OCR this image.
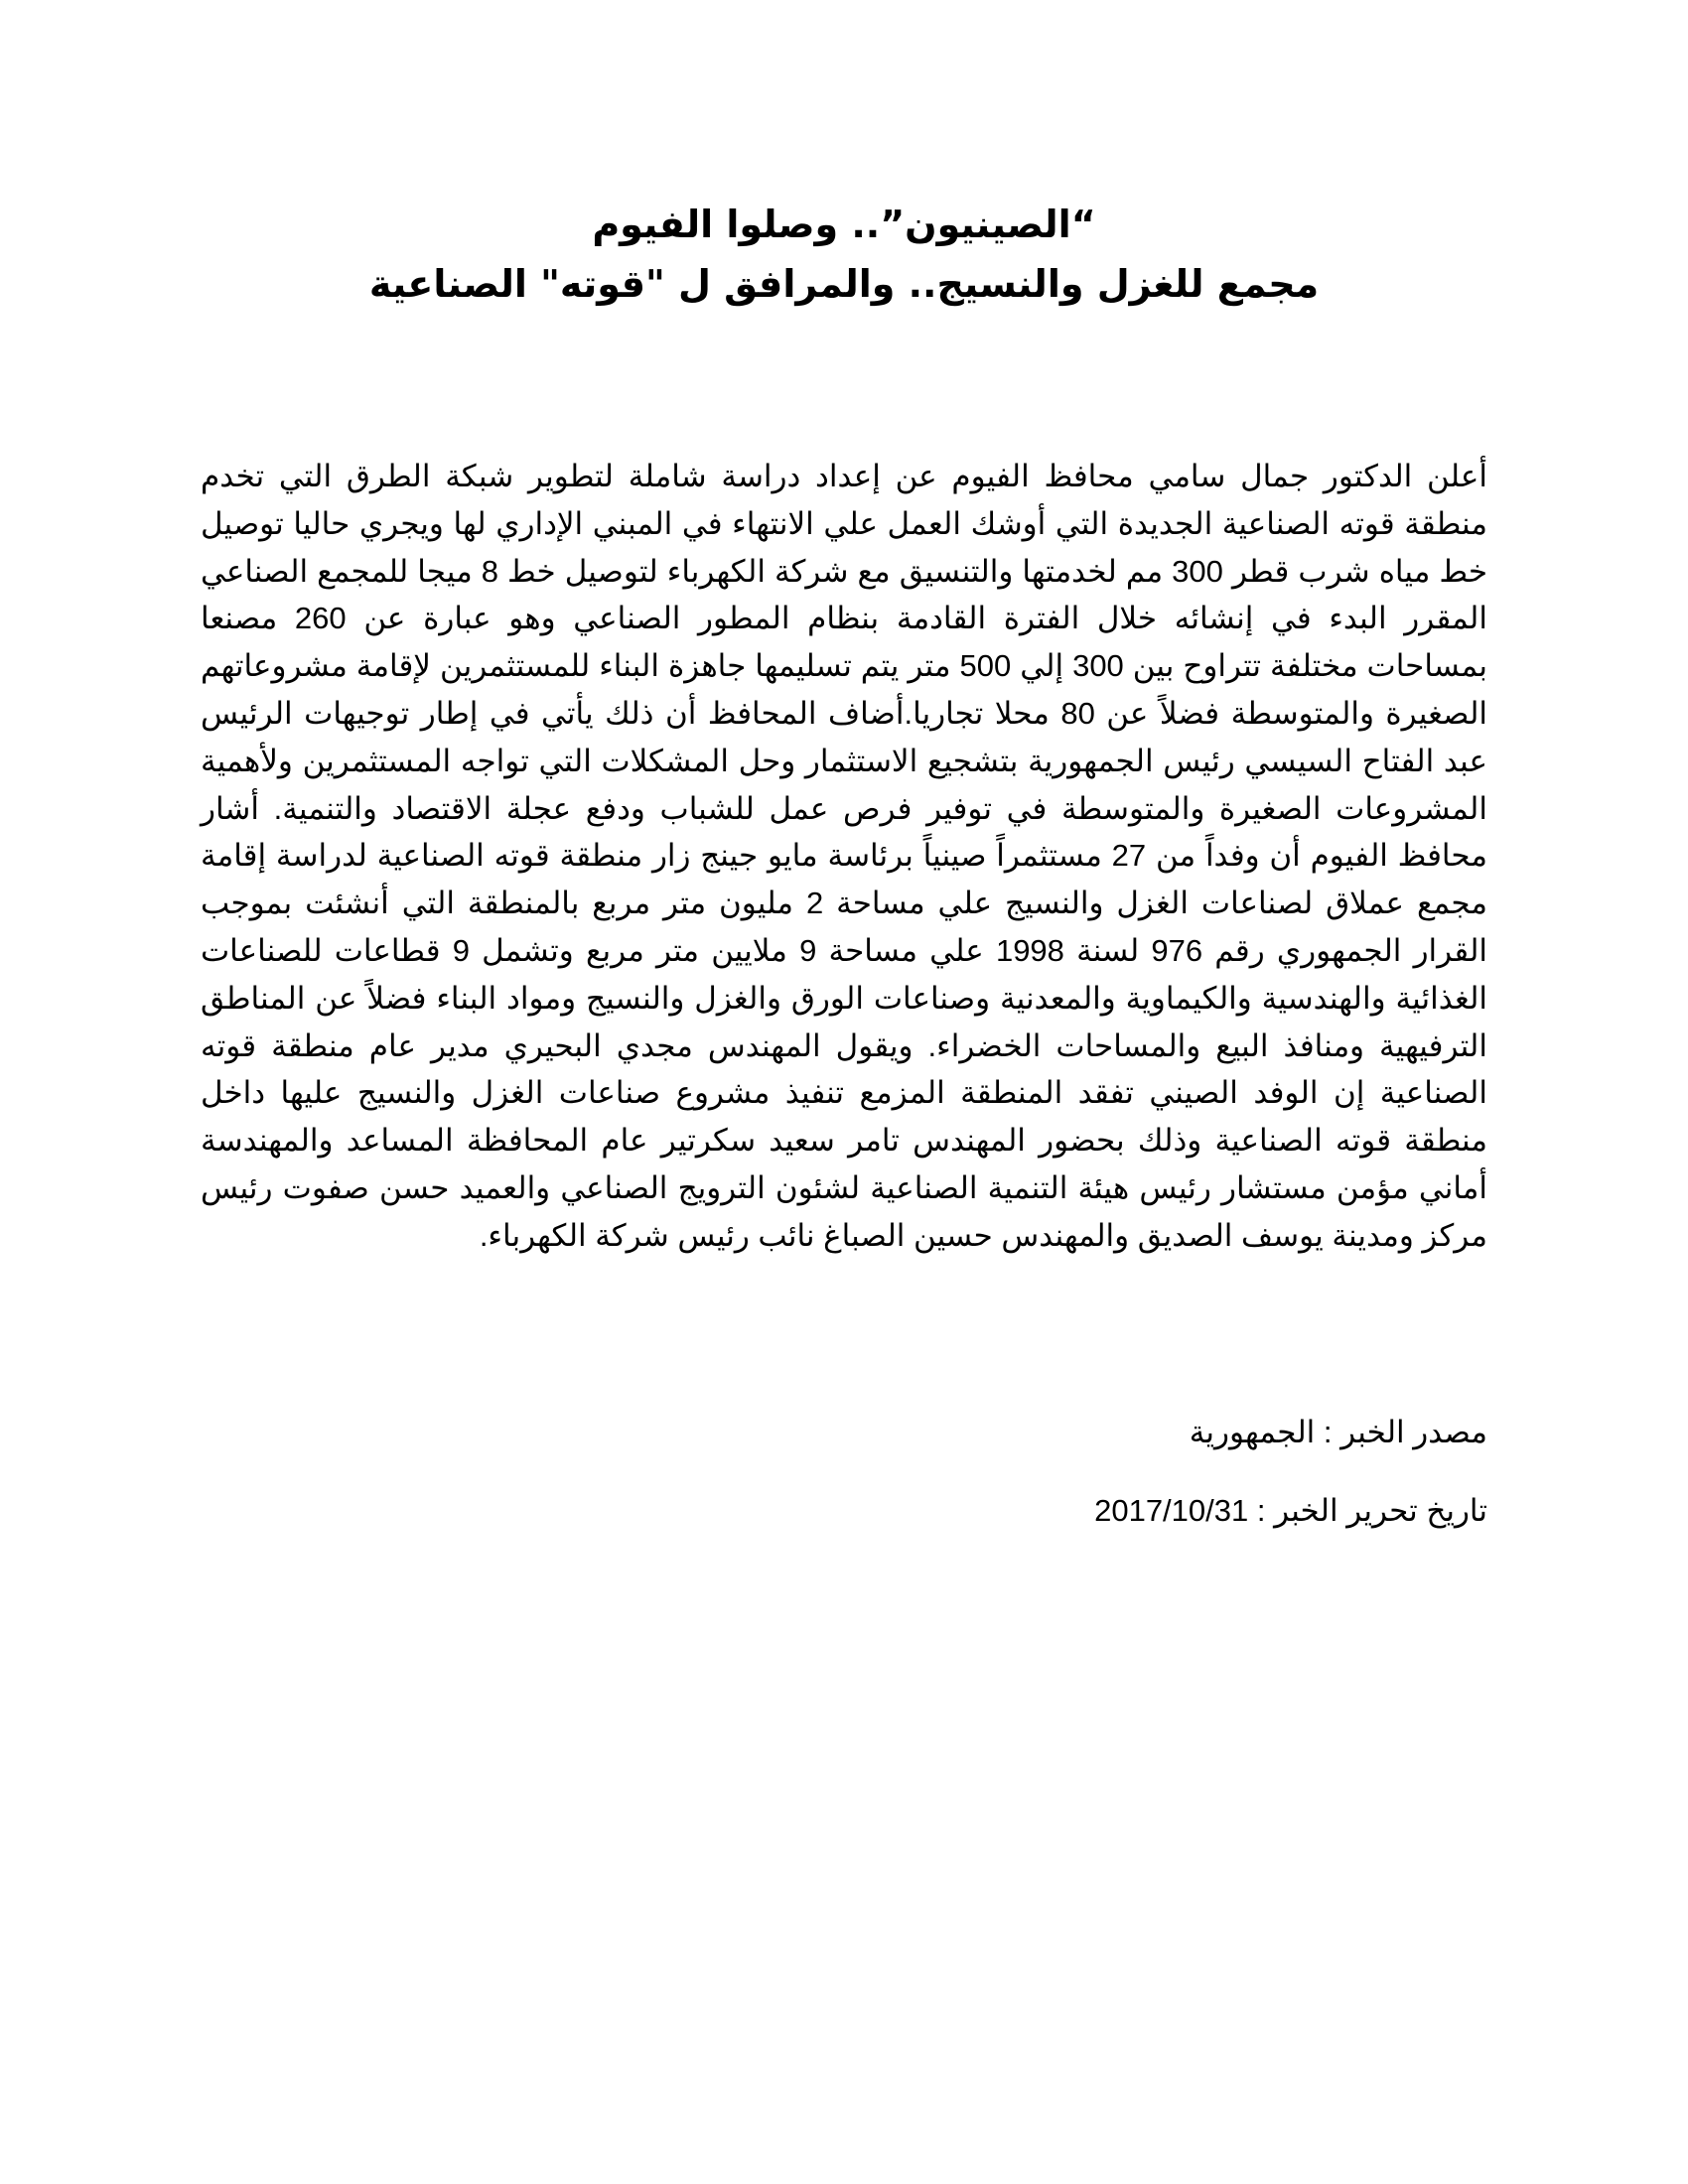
“الصينيون”.. وصلوا الفيوم
مجمع للغزل والنسيج.. والمرافق ل "قوته" الصناعية

أعلن الدكتور جمال سامي محافظ الفيوم عن إعداد دراسة شاملة لتطوير شبكة الطرق التي تخدم منطقة قوته الصناعية الجديدة التي أوشك العمل علي الانتهاء في المبني الإداري لها ويجري حاليا توصيل خط مياه شرب قطر 300 مم لخدمتها والتنسيق مع شركة الكهرباء لتوصيل خط 8 ميجا للمجمع الصناعي المقرر البدء في إنشائه خلال الفترة القادمة بنظام المطور الصناعي وهو عبارة عن 260 مصنعا بمساحات مختلفة تتراوح بين 300 إلي 500 متر يتم تسليمها جاهزة البناء للمستثمرين لإقامة مشروعاتهم الصغيرة والمتوسطة فضلاً عن 80 محلا تجاريا.أضاف المحافظ أن ذلك يأتي في إطار توجيهات الرئيس عبد الفتاح السيسي رئيس الجمهورية بتشجيع الاستثمار وحل المشكلات التي تواجه المستثمرين ولأهمية المشروعات الصغيرة والمتوسطة في توفير فرص عمل للشباب ودفع عجلة الاقتصاد والتنمية. أشار محافظ الفيوم أن وفداً من 27 مستثمراً صينياً برئاسة مايو جينج زار منطقة قوته الصناعية لدراسة إقامة مجمع عملاق لصناعات الغزل والنسيج علي مساحة 2 مليون متر مربع بالمنطقة التي أنشئت بموجب القرار الجمهوري رقم 976 لسنة 1998 علي مساحة 9 ملايين متر مربع وتشمل 9 قطاعات للصناعات الغذائية والهندسية والكيماوية والمعدنية وصناعات الورق والغزل والنسيج ومواد البناء فضلاً عن المناطق الترفيهية ومنافذ البيع والمساحات الخضراء. ويقول المهندس مجدي البحيري مدير عام منطقة قوته الصناعية إن الوفد الصيني تفقد المنطقة المزمع تنفيذ مشروع صناعات الغزل والنسيج عليها داخل منطقة قوته الصناعية وذلك بحضور المهندس تامر سعيد سكرتير عام المحافظة المساعد والمهندسة أماني مؤمن مستشار رئيس هيئة التنمية الصناعية لشئون الترويج الصناعي والعميد حسن صفوت رئيس مركز ومدينة يوسف الصديق والمهندس حسين الصباغ نائب رئيس شركة الكهرباء.

مصدر الخبر : الجمهورية
تاريخ تحرير الخبر : 2017/10/31
